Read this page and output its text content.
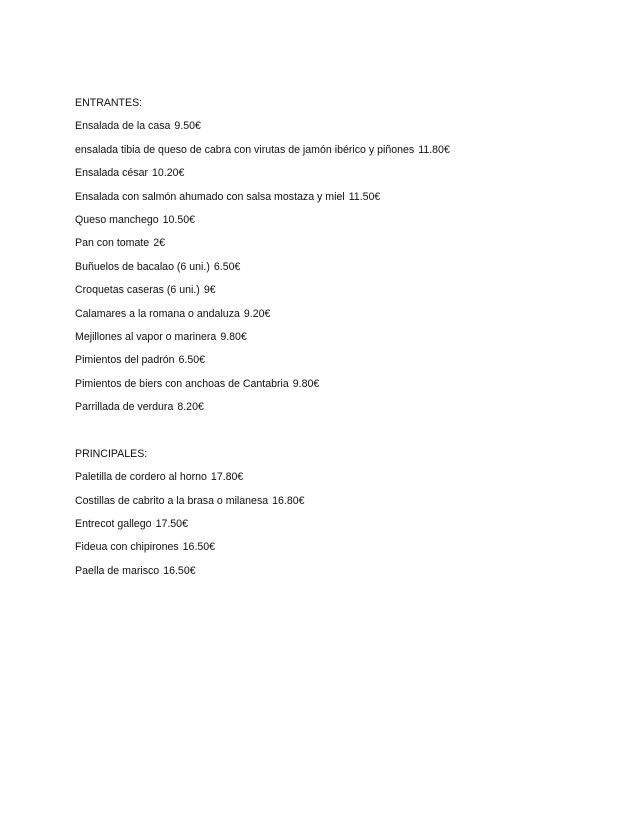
ENTRANTES:
Ensalada de la casa 9.50€
ensalada tibia de queso de cabra con virutas de jamón ibérico y piñones 11.80€
Ensalada césar 10.20€
Ensalada con salmón ahumado con salsa mostaza y miel 11.50€
Queso manchego 10.50€
Pan con tomate 2€
Buñuelos de bacalao (6 uni.) 6.50€
Croquetas caseras (6 uni.) 9€
Calamares a la romana o andaluza 9.20€
Mejillones al vapor o marinera 9.80€
Pimientos del padrón 6.50€
Pimientos de biers con anchoas de Cantabria 9.80€
Parrillada de verdura 8.20€
PRINCIPALES:
Paletilla de cordero al horno 17.80€
Costillas de cabrito a la brasa o milanesa 16.80€
Entrecot gallego 17.50€
Fideua con chipirones 16.50€
Paella de marisco 16.50€
